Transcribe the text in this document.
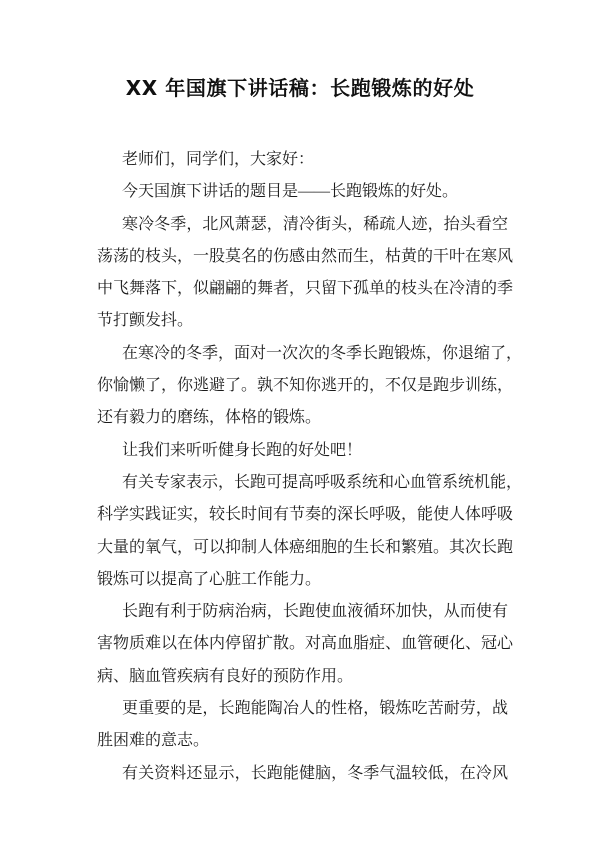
XX 年国旗下讲话稿：长跑锻炼的好处
老师们，同学们，大家好：
今天国旗下讲话的题目是——长跑锻炼的好处。
寒冷冬季，北风萧瑟，清冷街头，稀疏人迹，抬头看空
荡荡的枝头，一股莫名的伤感由然而生，枯黄的干叶在寒风
中飞舞落下，似翩翩的舞者，只留下孤单的枝头在冷清的季
节打颤发抖。
在寒冷的冬季，面对一次次的冬季长跑锻炼，你退缩了，
你愉懒了，你逃避了。孰不知你逃开的，不仅是跑步训练，
还有毅力的磨练，体格的锻炼。
让我们来听听健身长跑的好处吧！
有关专家表示，长跑可提高呼吸系统和心血管系统机能，
科学实践证实，较长时间有节奏的深长呼吸，能使人体呼吸
大量的氧气，可以抑制人体癌细胞的生长和繁殖。其次长跑
锻炼可以提高了心脏工作能力。
长跑有利于防病治病，长跑使血液循环加快，从而使有
害物质难以在体内停留扩散。对高血脂症、血管硬化、冠心
病、脑血管疾病有良好的预防作用。
更重要的是，长跑能陶冶人的性格，锻炼吃苦耐劳，战
胜困难的意志。
有关资料还显示，长跑能健脑，冬季气温较低，在冷风
